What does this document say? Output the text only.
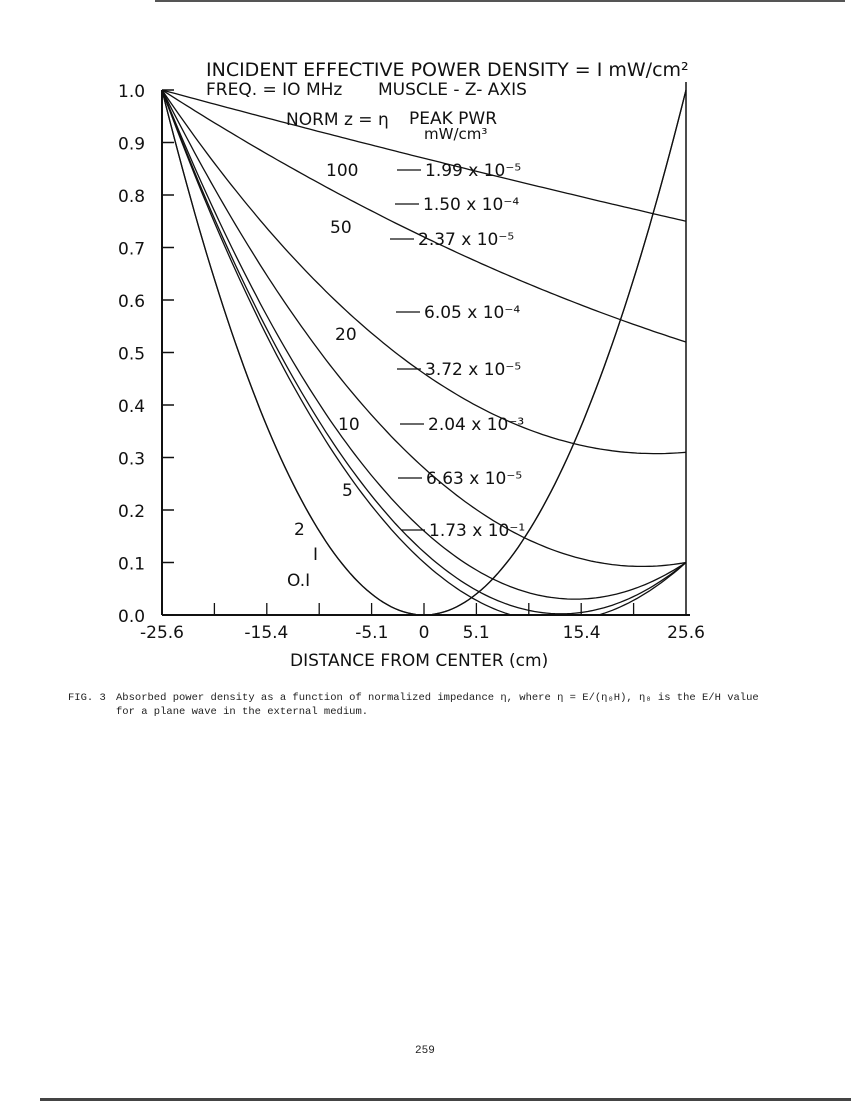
INCIDENT EFFECTIVE POWER DENSITY = I mW/cm²
FREQ. = IO MHz MUSCLE - Z- AXIS
NORM z = η PEAK PWR
mW/cm³
0.0
0.1
0.2
0.3
0.4
0.5
0.6
0.7
0.8
0.9
1.0
-25.6	-15.4	-5.1 0 5.1	15.4	25.6
100	1.99 x 10⁻⁵
50
2.37 x 10⁻⁵
20
3.72 x 10⁻⁵
10
6.63 x 10⁻⁵
5
2
1.50 x 10⁻⁴
I
6.05 x 10⁻⁴
O.I
2.04 x 10⁻³
1.73 x 10⁻¹
DISTANCE FROM CENTER (cm)
FIG. 3 Absorbed power density as a function of normalized impedance η, where η = E/(η₀H), η₀ is the E/H value for a plane wave in the external medium.
259
